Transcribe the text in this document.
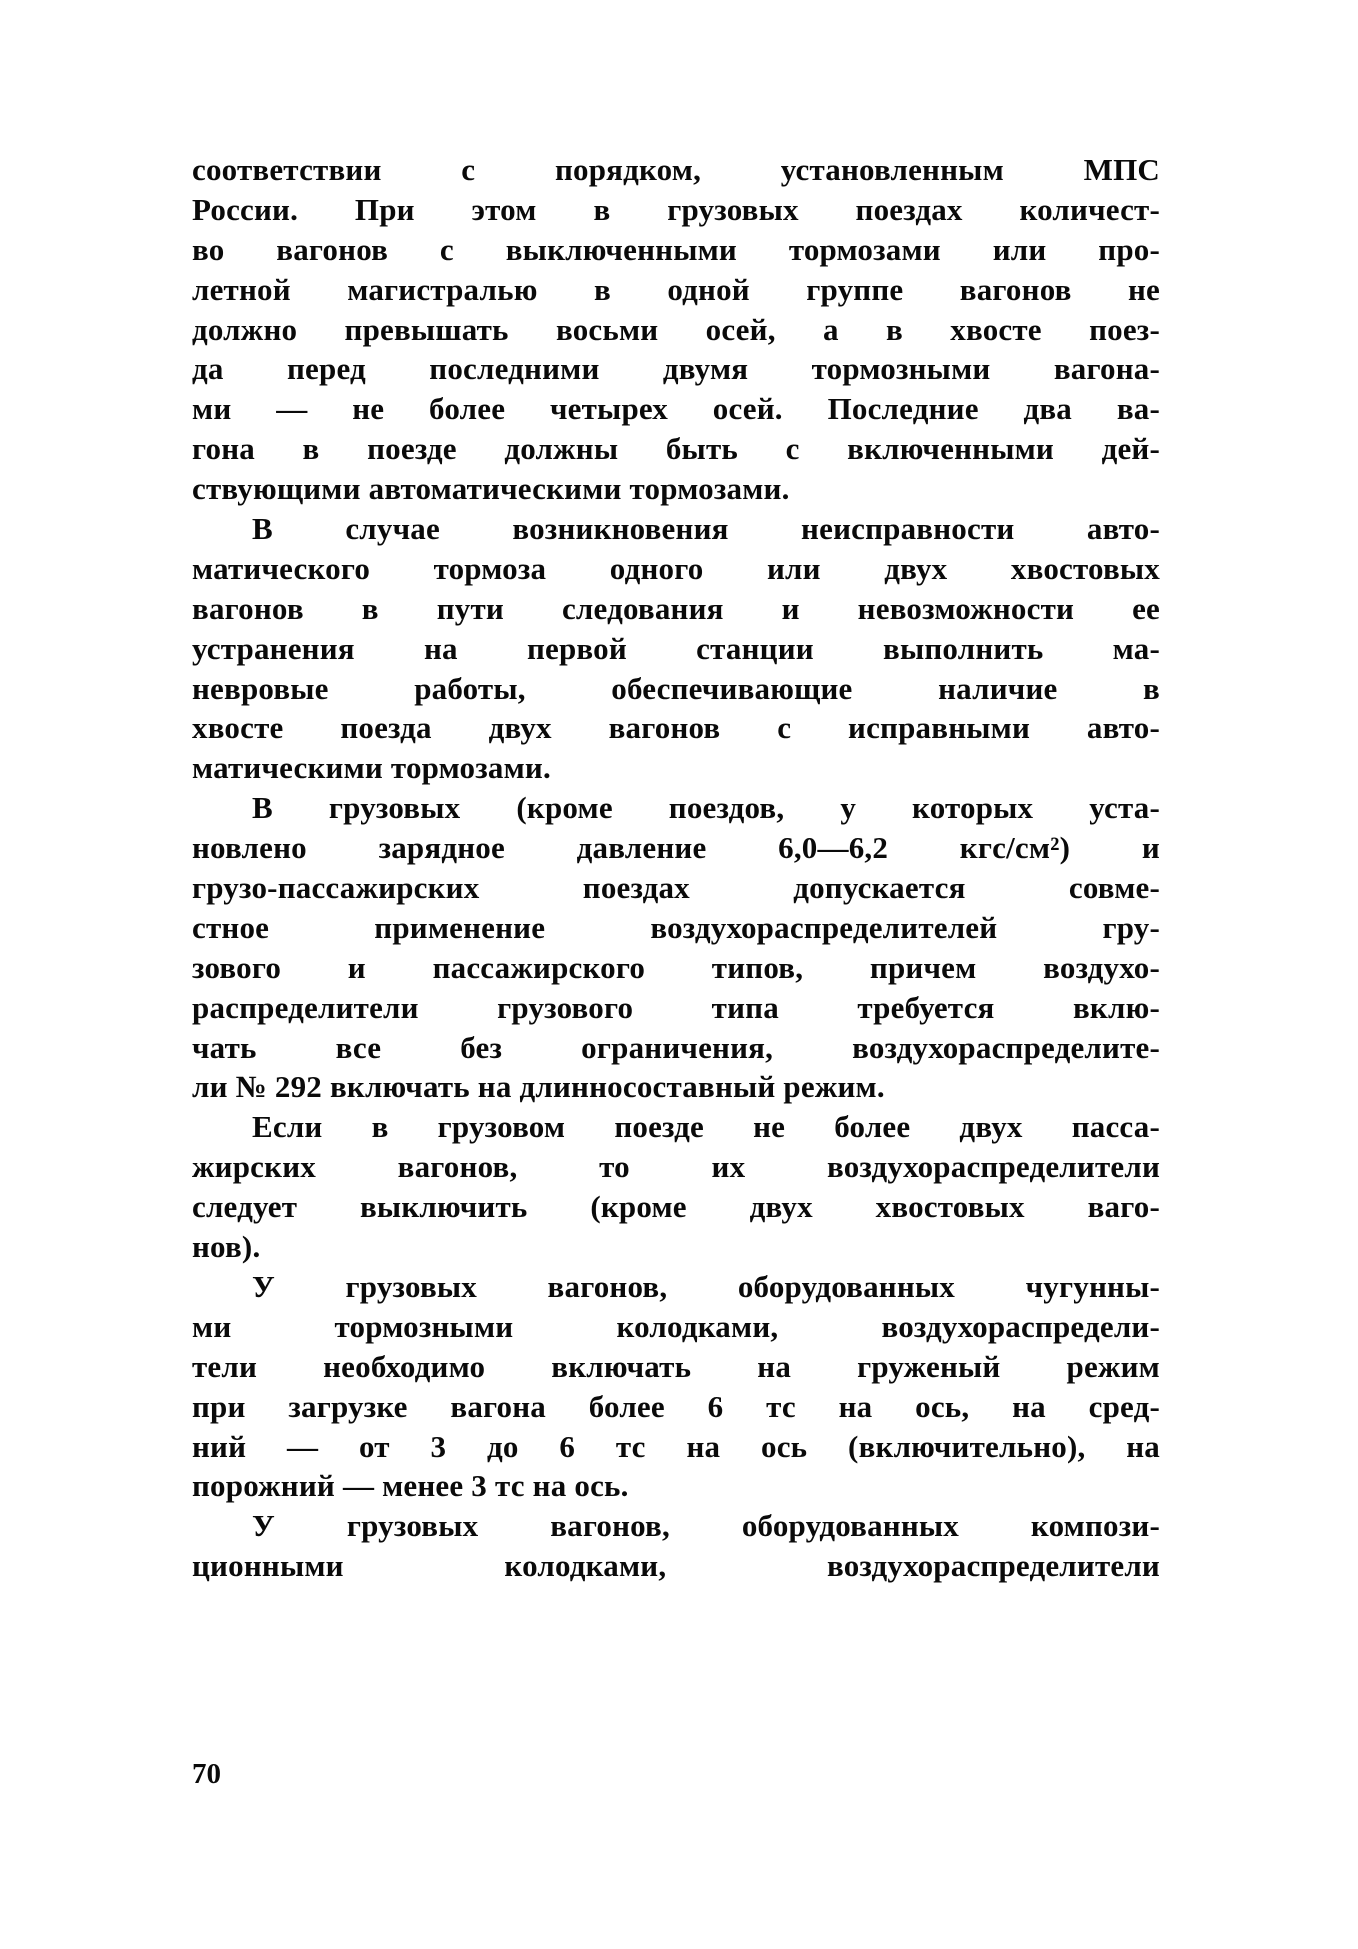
соответствии с порядком, установленным МПС
России. При этом в грузовых поездах количест-
во вагонов с выключенными тормозами или про-
летной магистралью в одной группе вагонов не
должно превышать восьми осей, а в хвосте поез-
да перед последними двумя тормозными вагона-
ми — не более четырех осей. Последние два ва-
гона в поезде должны быть с включенными дей-
ствующими автоматическими тормозами.
В случае возникновения неисправности авто-
матического тормоза одного или двух хвостовых
вагонов в пути следования и невозможности ее
устранения на первой станции выполнить ма-
невровые работы, обеспечивающие наличие в
хвосте поезда двух вагонов с исправными авто-
матическими тормозами.
В грузовых (кроме поездов, у которых уста-
новлено зарядное давление 6,0—6,2 кгс/см²) и
грузо-пассажирских поездах допускается совме-
стное применение воздухораспределителей гру-
зового и пассажирского типов, причем воздухо-
распределители грузового типа требуется вклю-
чать все без ограничения, воздухораспределите-
ли № 292 включать на длинносоставный режим.
Если в грузовом поезде не более двух пасса-
жирских вагонов, то их воздухораспределители
следует выключить (кроме двух хвостовых ваго-
нов).
У грузовых вагонов, оборудованных чугунны-
ми тормозными колодками, воздухораспредели-
тели необходимо включать на груженый режим
при загрузке вагона более 6 тс на ось, на сред-
ний — от 3 до 6 тс на ось (включительно), на
порожний — менее 3 тс на ось.
У грузовых вагонов, оборудованных компози-
ционными колодками, воздухораспределители
70
